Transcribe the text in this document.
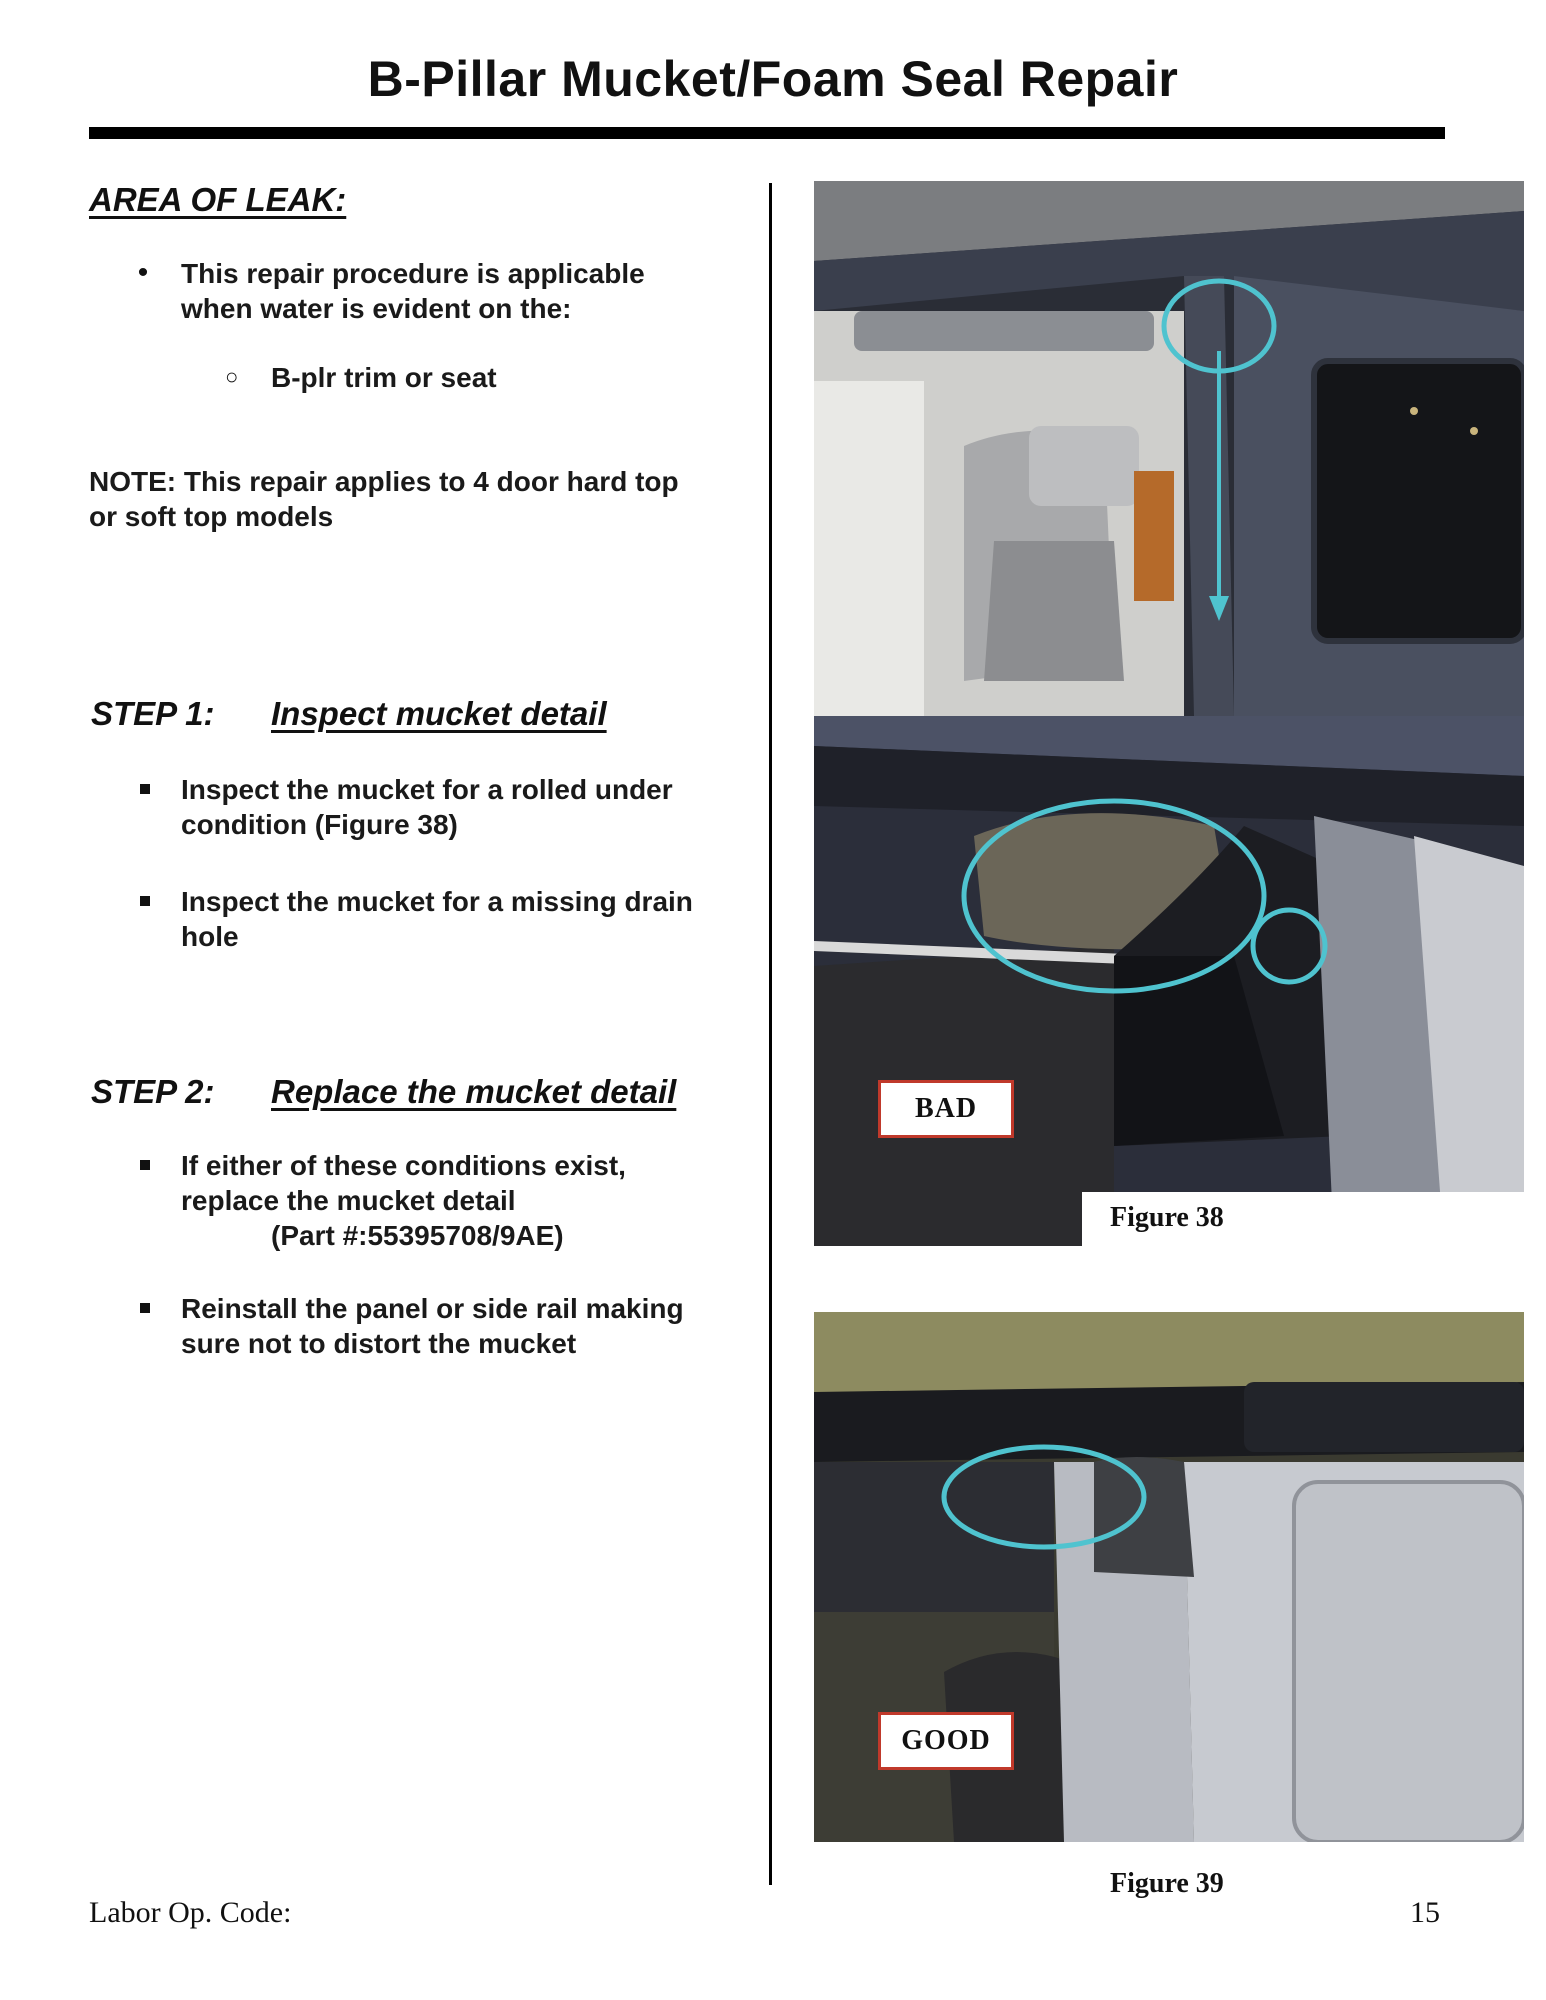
B-Pillar Mucket/Foam Seal Repair
AREA OF LEAK:
• This repair procedure is applicable when water is evident on the:
○ B-plr trim or seat
NOTE: This repair applies to 4 door hard top or soft top models
STEP 1: Inspect mucket detail
Inspect the mucket for a rolled under condition (Figure 38)
Inspect the mucket for a missing drain hole
STEP 2: Replace the mucket detail
If either of these conditions exist, replace the mucket detail
(Part #:55395708/9AE)
Reinstall the panel or side rail making sure not to distort the mucket
BAD
Figure 38
GOOD
Figure 39
Labor Op. Code:	15
